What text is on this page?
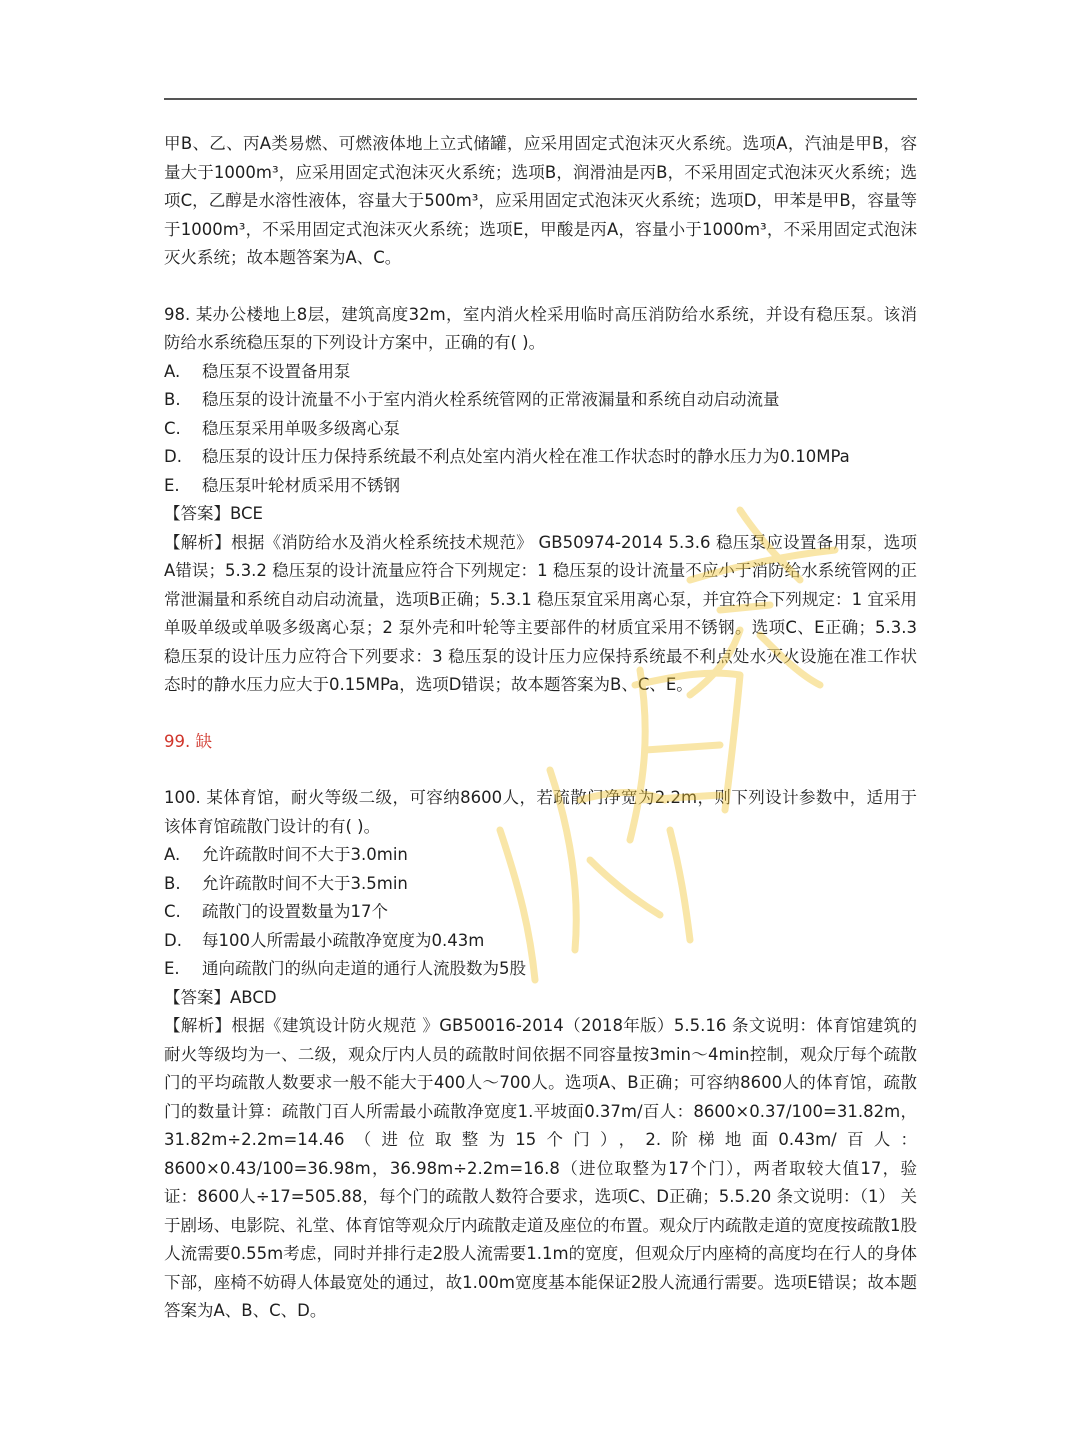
甲B、乙、丙A类易燃、可燃液体地上立式储罐，应采用固定式泡沫灭火系统。选项A，汽油是甲B，容量大于1000m³，应采用固定式泡沫灭火系统；选项B，润滑油是丙B，不采用固定式泡沫灭火系统；选项C，乙醇是水溶性液体，容量大于500m³，应采用固定式泡沫灭火系统；选项D，甲苯是甲B，容量等于1000m³，不采用固定式泡沫灭火系统；选项E，甲酸是丙A，容量小于1000m³，不采用固定式泡沫灭火系统；故本题答案为A、C。

98. 某办公楼地上8层，建筑高度32m，室内消火栓采用临时高压消防给水系统，并设有稳压泵。该消防给水系统稳压泵的下列设计方案中，正确的有( )。

A.	稳压泵不设置备用泵
B.	稳压泵的设计流量不小于室内消火栓系统管网的正常液漏量和系统自动启动流量
C.	稳压泵采用单吸多级离心泵
D.	稳压泵的设计压力保持系统最不利点处室内消火栓在准工作状态时的静水压力为0.10MPa
E.	稳压泵叶轮材质采用不锈钢

【答案】BCE

【解析】根据《消防给水及消火栓系统技术规范》 GB50974-2014 5.3.6 稳压泵应设置备用泵，选项A错误；5.3.2 稳压泵的设计流量应符合下列规定：1 稳压泵的设计流量不应小于消防给水系统管网的正常泄漏量和系统自动启动流量，选项B正确；5.3.1 稳压泵宜采用离心泵，并宜符合下列规定：1 宜采用单吸单级或单吸多级离心泵；2 泵外壳和叶轮等主要部件的材质宜采用不锈钢。选项C、E正确；5.3.3 稳压泵的设计压力应符合下列要求：3 稳压泵的设计压力应保持系统最不利点处水灭火设施在准工作状态时的静水压力应大于0.15MPa，选项D错误；故本题答案为B、C、E。

99. 缺

100. 某体育馆，耐火等级二级，可容纳8600人，若疏散门净宽为2.2m，则下列设计参数中，适用于该体育馆疏散门设计的有( )。

A.	允许疏散时间不大于3.0min
B.	允许疏散时间不大于3.5min
C.	疏散门的设置数量为17个
D.	每100人所需最小疏散净宽度为0.43m
E.	通向疏散门的纵向走道的通行人流股数为5股

【答案】ABCD

【解析】根据《建筑设计防火规范 》GB50016-2014（2018年版）5.5.16 条文说明：体育馆建筑的耐火等级均为一、二级，观众厅内人员的疏散时间依据不同容量按3min～4min控制，观众厅每个疏散门的平均疏散人数要求一般不能大于400人～700人。选项A、B正确；可容纳8600人的体育馆，疏散门的数量计算：疏散门百人所需最小疏散净宽度1.平坡面0.37m/百人：8600×0.37/100=31.82m，31.82m÷2.2m=14.46（进位取整为15个门），2.阶梯地面0.43m/百人：8600×0.43/100=36.98m，36.98m÷2.2m=16.8（进位取整为17个门），两者取较大值17，验证：8600人÷17=505.88，每个门的疏散人数符合要求，选项C、D正确；5.5.20 条文说明：（1） 关于剧场、电影院、礼堂、体育馆等观众厅内疏散走道及座位的布置。观众厅内疏散走道的宽度按疏散1股人流需要0.55m考虑，同时并排行走2股人流需要1.1m的宽度，但观众厅内座椅的高度均在行人的身体下部，座椅不妨碍人体最宽处的通过，故1.00m宽度基本能保证2股人流通行需要。选项E错误；故本题答案为A、B、C、D。
